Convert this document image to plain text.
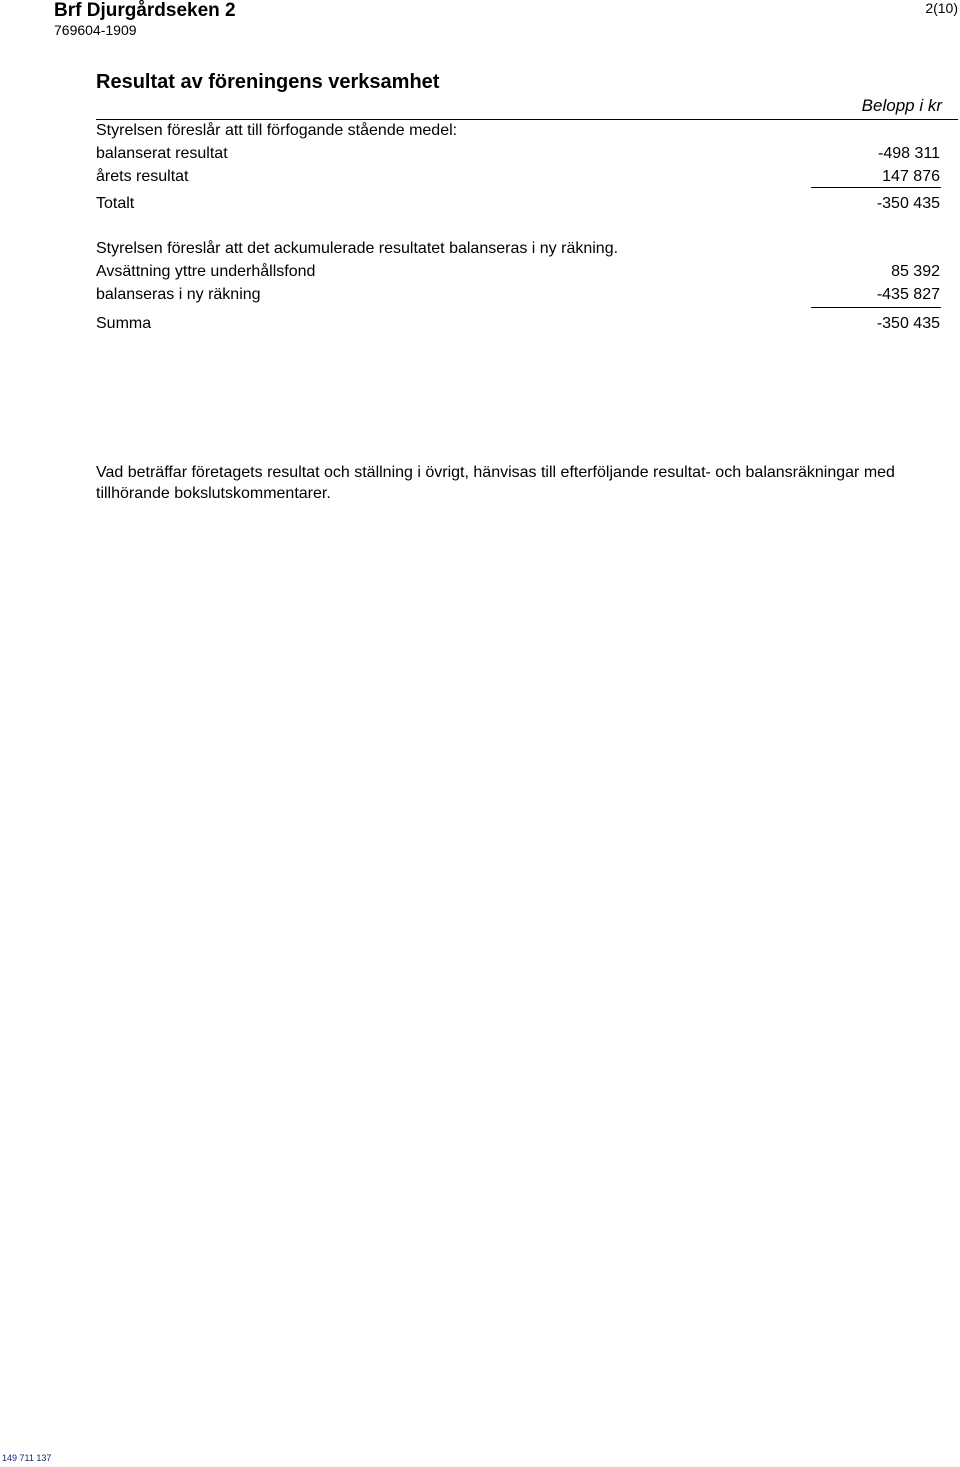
Brf Djurgårdseken 2
769604-1909
2(10)
Resultat av föreningens verksamhet
Belopp i kr
Styrelsen föreslår att till förfogande stående medel:
balanserat resultat	-498 311
årets resultat	147 876
Totalt	-350 435
Styrelsen föreslår att det ackumulerade resultatet balanseras i ny räkning.
Avsättning yttre underhållsfond	85 392
balanseras i ny räkning	-435 827
Summa	-350 435
Vad beträffar företagets resultat och ställning i övrigt, hänvisas till efterföljande resultat- och balansräkningar med tillhörande bokslutskommentarer.
149 711 137
